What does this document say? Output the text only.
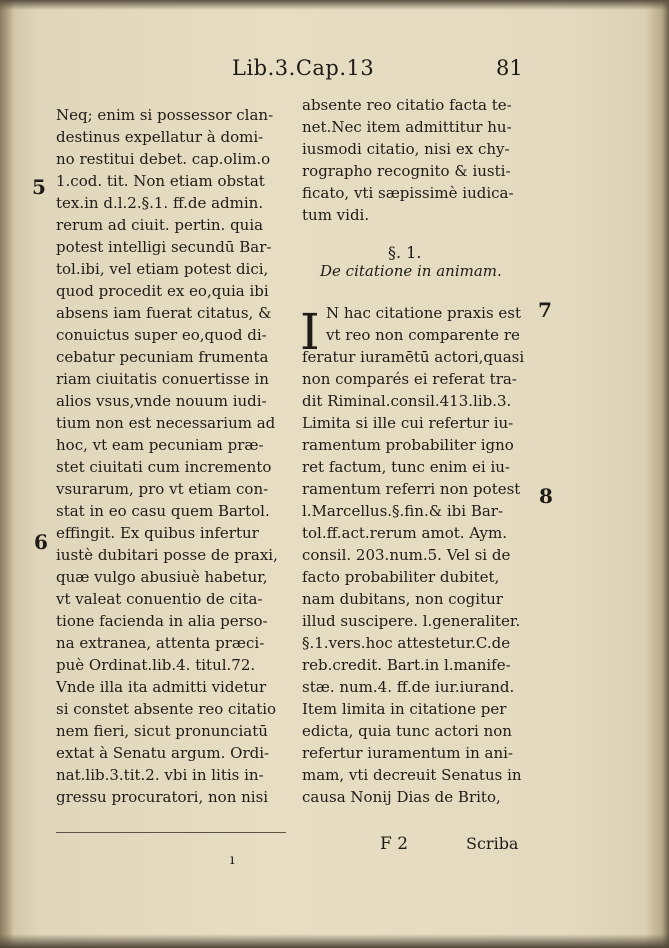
Lib.3.Cap.13	81
Neq; enim si possessor clan-
destinus expellatur à domi-
no restitui debet. cap.olim.o
1.cod. tit. Non etiam obstat
tex.in d.l.2.§.1. ff.de admin.
rerum ad ciuit. pertin. quia
potest intelligi secundū Bar-
tol.ibi, vel etiam potest dici,
quod procedit ex eo,quia ibi
absens iam fuerat citatus, &
conuictus super eo,quod di-
cebatur pecuniam frumenta
riam ciuitatis conuertisse in
alios vsus,vnde nouum iudi-
tium non est necessarium ad
hoc, vt eam pecuniam præ-
stet ciuitati cum incremento
vsurarum, pro vt etiam con-
stat in eo casu quem Bartol.
effingit. Ex quibus infertur
iustè dubitari posse de praxi,
quæ vulgo abusiuè habetur,
vt valeat conuentio de cita-
tione facienda in alia perso-
na extranea, attenta præci-
puè Ordinat.lib.4. titul.72.
Vnde illa ita admitti videtur
si constet absente reo citatio
nem fieri, sicut pronunciatū
extat à Senatu argum. Ordi-
nat.lib.3.tit.2. vbi in litis in-
gressu procuratori, non nisi
absente reo citatio facta te-
net.Nec item admittitur hu-
iusmodi citatio, nisi ex chy-
rographo recognito & iusti-
ficato, vti sæpissimè iudica-
tum vidi.
§. 1.
De citatione in animam.
I N hac citatione praxis est
vt reo non comparente re
feratur iuramētū actori,quasi
non comparés ei referat tra-
dit Riminal.consil.413.lib.3.
Limita si ille cui refertur iu-
ramentum probabiliter igno
ret factum, tunc enim ei iu-
ramentum referri non potest
l.Marcellus.§.fin.& ibi Bar-
tol.ff.act.rerum amot. Aym.
consil. 203.num.5. Vel si de
facto probabiliter dubitet,
nam dubitans, non cogitur
illud suscipere. l.generaliter.
§.1.vers.hoc attestetur.C.de
reb.credit. Bart.in l.manife-
stæ. num.4. ff.de iur.iurand.
Item limita in citatione per
edicta, quia tunc actori non
refertur iuramentum in ani-
mam, vti decreuit Senatus in
causa Nonij Dias de Brito,
5
6
7
8
ı
F 2	Scriba
